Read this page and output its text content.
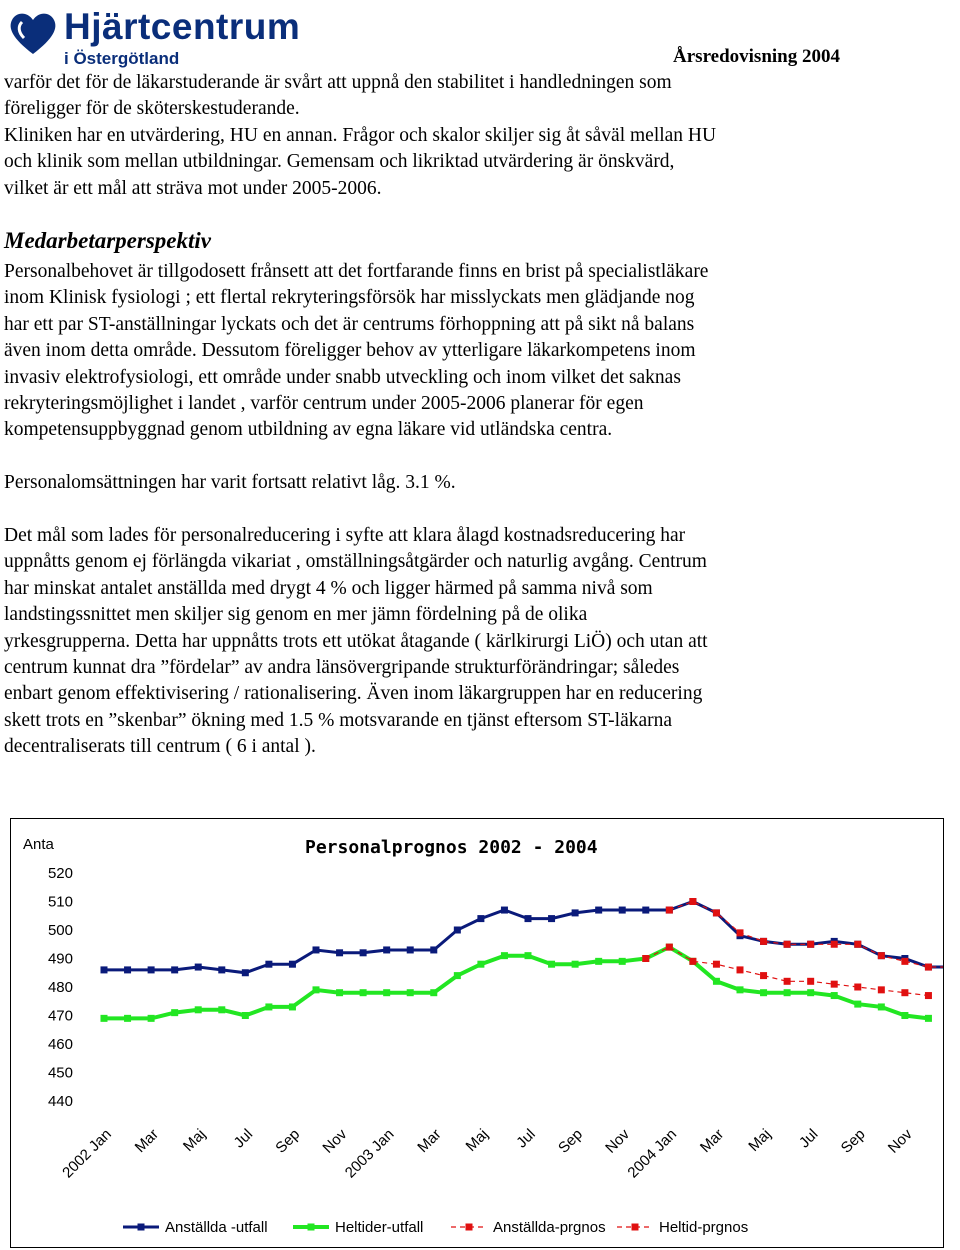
Hjärtcentrum
i Östergötland	Årsredovisning 2004

varför det för de läkarstuderande är svårt att uppnå den stabilitet i handledningen som

föreligger för de sköterskestuderande.

Kliniken har en utvärdering, HU en annan. Frågor och skalor skiljer sig åt såväl mellan HU

och klinik som mellan utbildningar. Gemensam och likriktad utvärdering är önskvärd,

vilket är ett mål att sträva mot under 2005-2006.

Medarbetarperspektiv

Personalbehovet är tillgodosett frånsett att det fortfarande finns en brist på specialistläkare

inom Klinisk fysiologi ; ett flertal rekryteringsförsök har misslyckats men glädjande nog

har ett par ST-anställningar lyckats och det är centrums förhoppning att på sikt nå balans

även inom detta område. Dessutom föreligger behov av ytterligare läkarkompetens inom

invasiv elektrofysiologi, ett område under snabb utveckling och inom vilket det saknas

rekryteringsmöjlighet i landet , varför centrum under 2005-2006 planerar för egen

kompetensuppbyggnad genom utbildning av egna läkare vid utländska centra.

Personalomsättningen har varit fortsatt relativt låg. 3.1 %.

Det mål som lades för personalreducering i syfte att klara ålagd kostnadsreducering har

uppnåtts genom ej förlängda vikariat , omställningsåtgärder och naturlig avgång. Centrum

har minskat antalet anställda med drygt 4 % och ligger härmed på samma nivå som

landstingssnittet men skiljer sig genom en mer jämn fördelning på de olika

yrkesgrupperna. Detta har uppnåtts trots ett utökat åtagande ( kärlkirurgi LiÖ) och utan att

centrum kunnat dra ”fördelar” av andra länsövergripande strukturförändringar; således

enbart genom effektivisering / rationalisering. Även inom läkargruppen har en reducering

skett trots en ”skenbar” ökning med 1.5 % motsvarande en tjänst eftersom ST-läkarna

decentraliserats till centrum ( 6 i antal ).

Anta	Personalprognos 2002 - 2004
440
450
460
470
480
490
500
510
520
2002 Jan Mar Maj Jul Sep Nov
2003 Jan Mar Maj Jul Sep Nov
2004 Jan Mar Maj Jul Sep Nov
Anställda -utfall	Heltider-utfall	Anställda-prgnos	Heltid-prgnos
